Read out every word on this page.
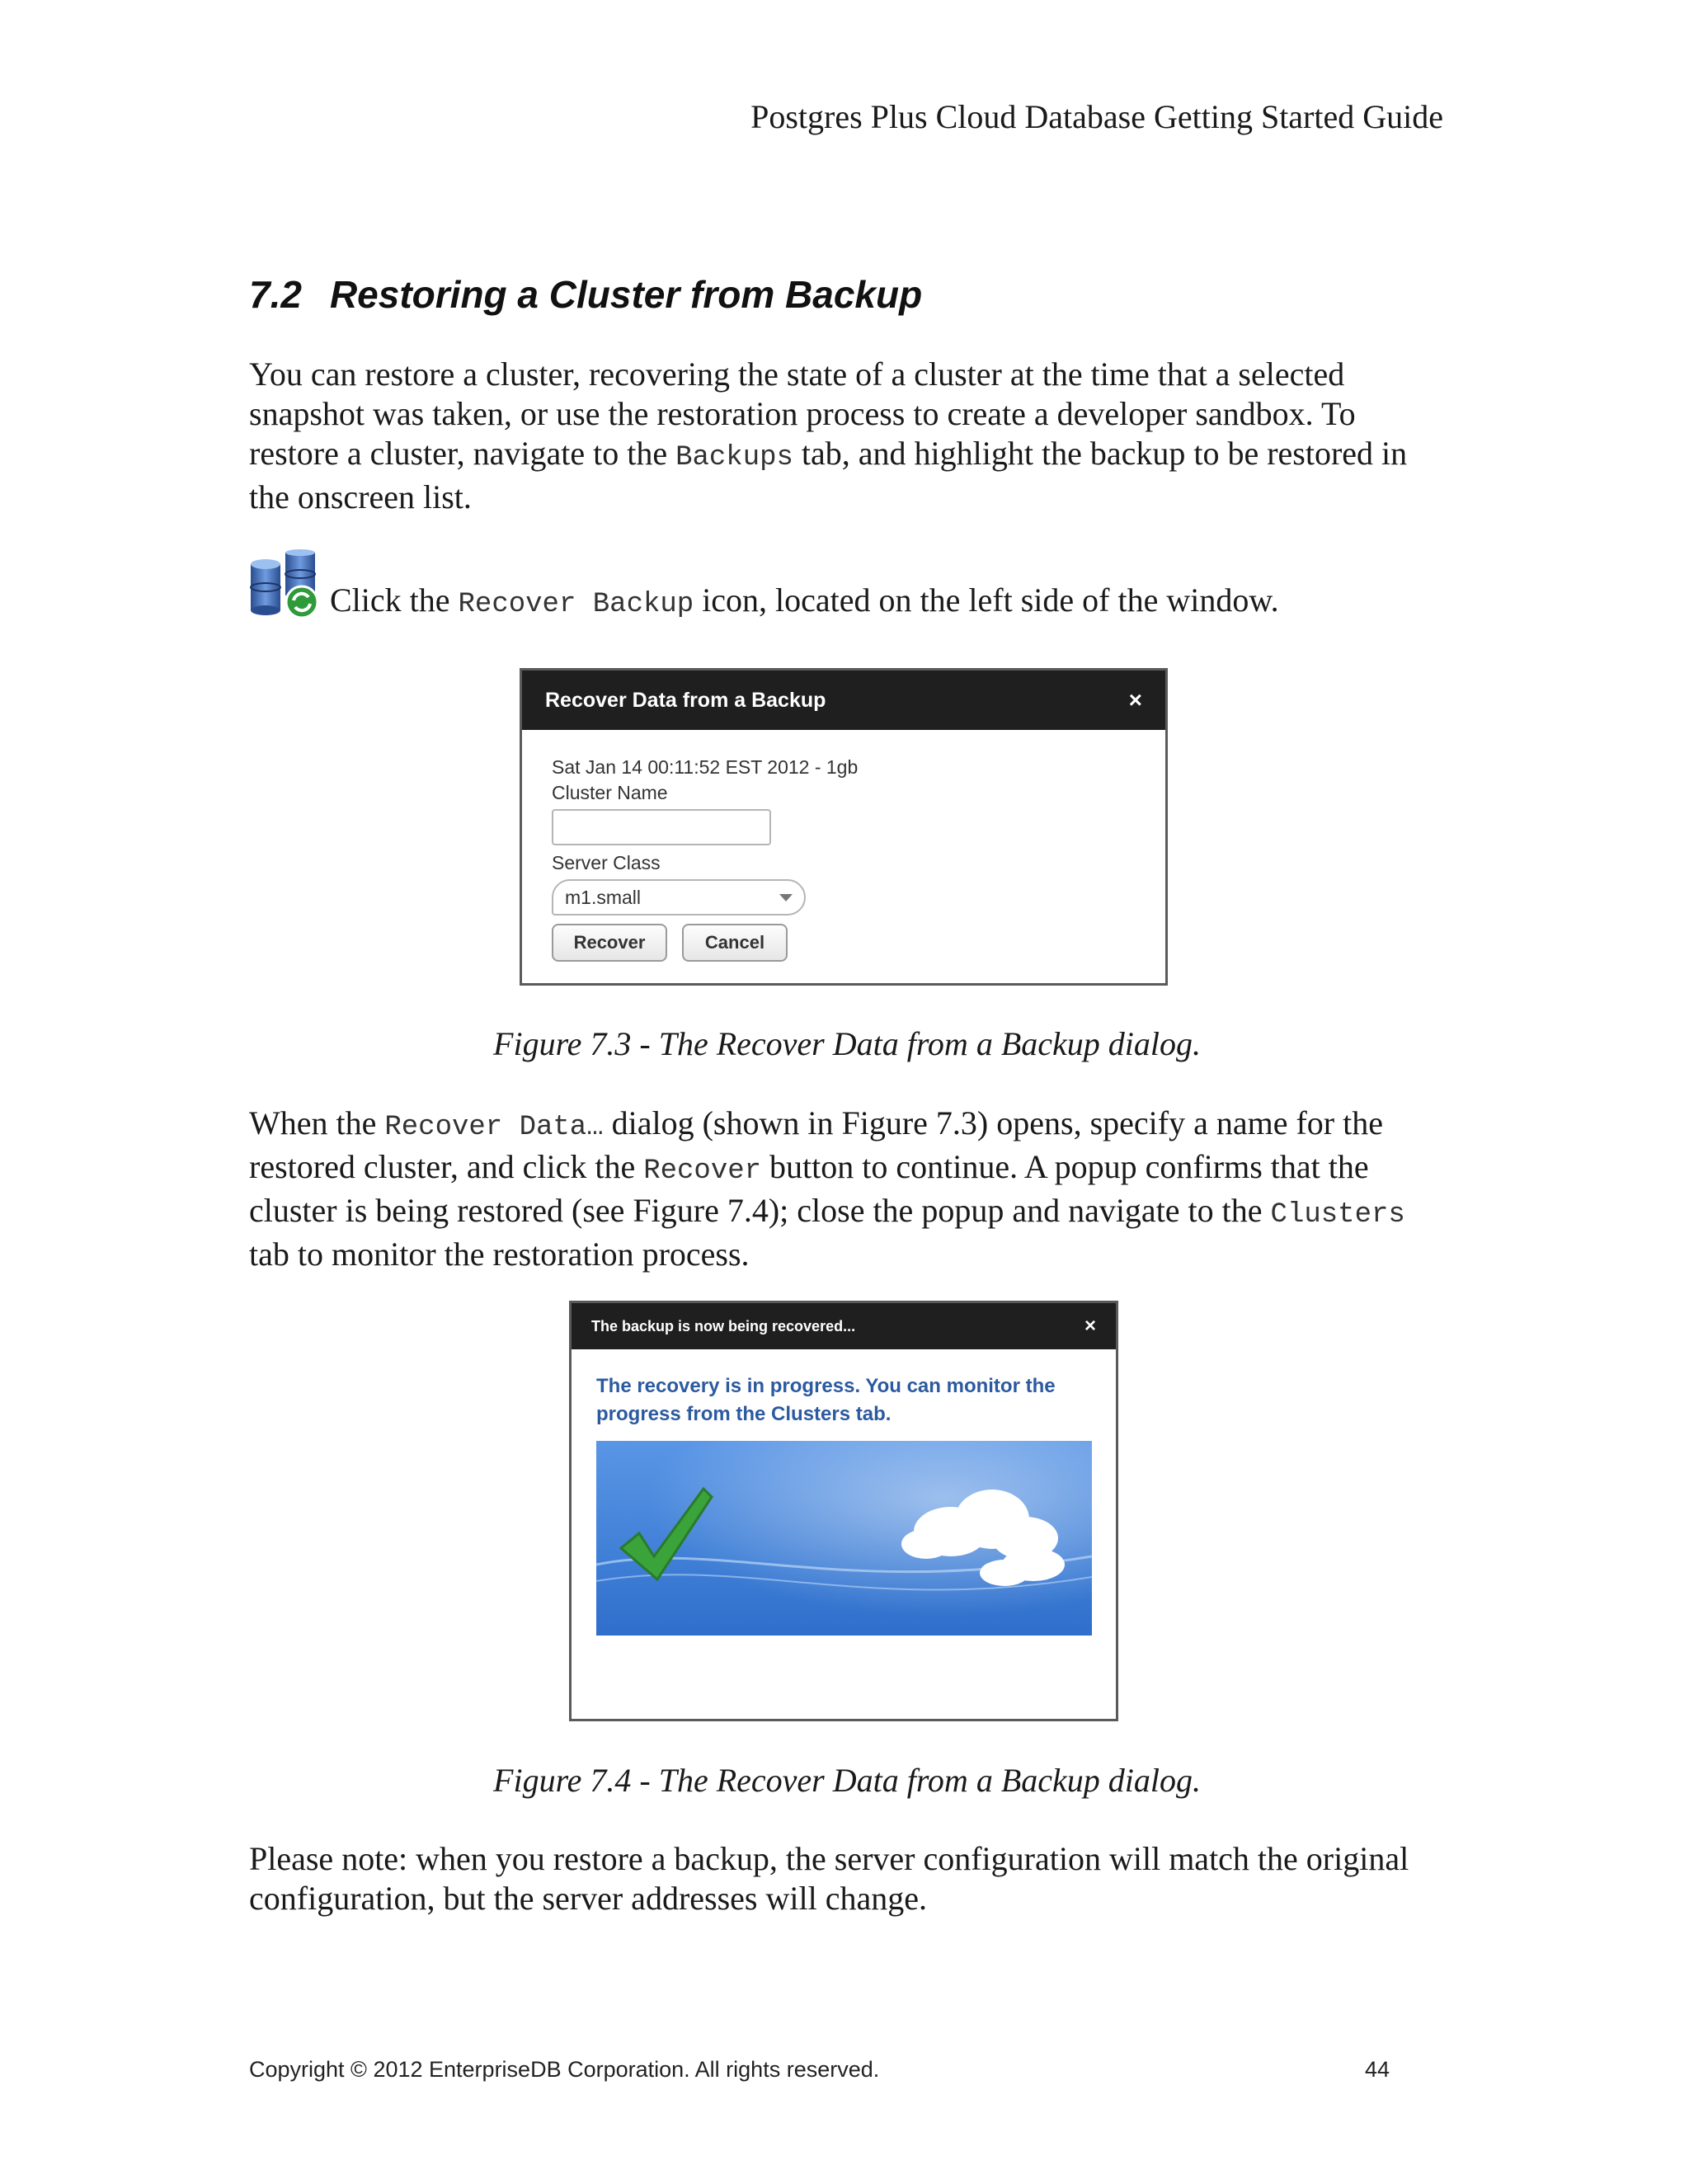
Postgres Plus Cloud Database Getting Started Guide
7.2 Restoring a Cluster from Backup

You can restore a cluster, recovering the state of a cluster at the time that a selected snapshot was taken, or use the restoration process to create a developer sandbox. To restore a cluster, navigate to the Backups tab, and highlight the backup to be restored in the onscreen list.

Click the Recover Backup icon, located on the left side of the window.
Recover Data from a Backup	×
Sat Jan 14 00:11:52 EST 2012 - 1gb
Cluster Name
Server Class
m1.small
Recover	Cancel
Figure 7.3 - The Recover Data from a Backup dialog.

When the Recover Data… dialog (shown in Figure 7.3) opens, specify a name for the restored cluster, and click the Recover button to continue. A popup confirms that the cluster is being restored (see Figure 7.4); close the popup and navigate to the Clusters tab to monitor the restoration process.

The backup is now being recovered...	×
The recovery is in progress. You can monitor the progress from the Clusters tab.
Figure 7.4 - The Recover Data from a Backup dialog.

Please note: when you restore a backup, the server configuration will match the original configuration, but the server addresses will change.

Copyright © 2012 EnterpriseDB Corporation. All rights reserved.	44
